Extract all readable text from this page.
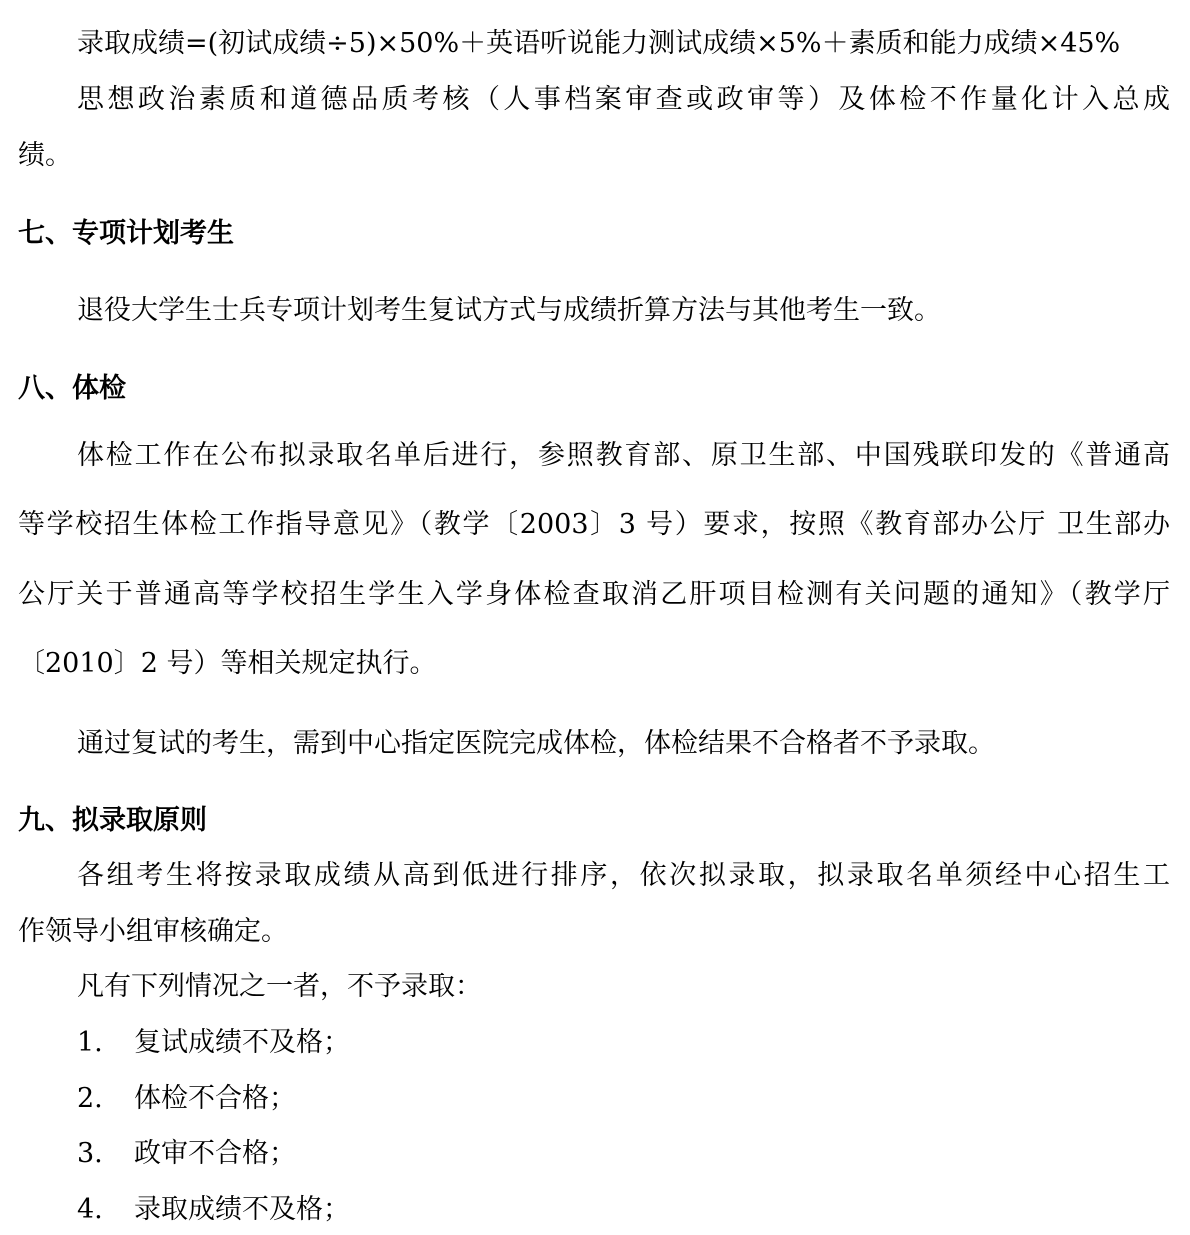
录取成绩=(初试成绩÷5)×50%＋英语听说能力测试成绩×5%＋素质和能力成绩×45%
思想政治素质和道德品质考核（人事档案审查或政审等）及体检不作量化计入总成
绩。
七、专项计划考生
退役大学生士兵专项计划考生复试方式与成绩折算方法与其他考生一致。
八、体检
体检工作在公布拟录取名单后进行，参照教育部、原卫生部、中国残联印发的《普通高
等学校招生体检工作指导意见》（教学〔2003〕3 号）要求，按照《教育部办公厅 卫生部办
公厅关于普通高等学校招生学生入学身体检查取消乙肝项目检测有关问题的通知》（教学厅
〔2010〕2 号）等相关规定执行。
通过复试的考生，需到中心指定医院完成体检，体检结果不合格者不予录取。
九、拟录取原则
各组考生将按录取成绩从高到低进行排序，依次拟录取，拟录取名单须经中心招生工
作领导小组审核确定。
凡有下列情况之一者，不予录取：
1. 复试成绩不及格；
2. 体检不合格；
3. 政审不合格；
4. 录取成绩不及格；
